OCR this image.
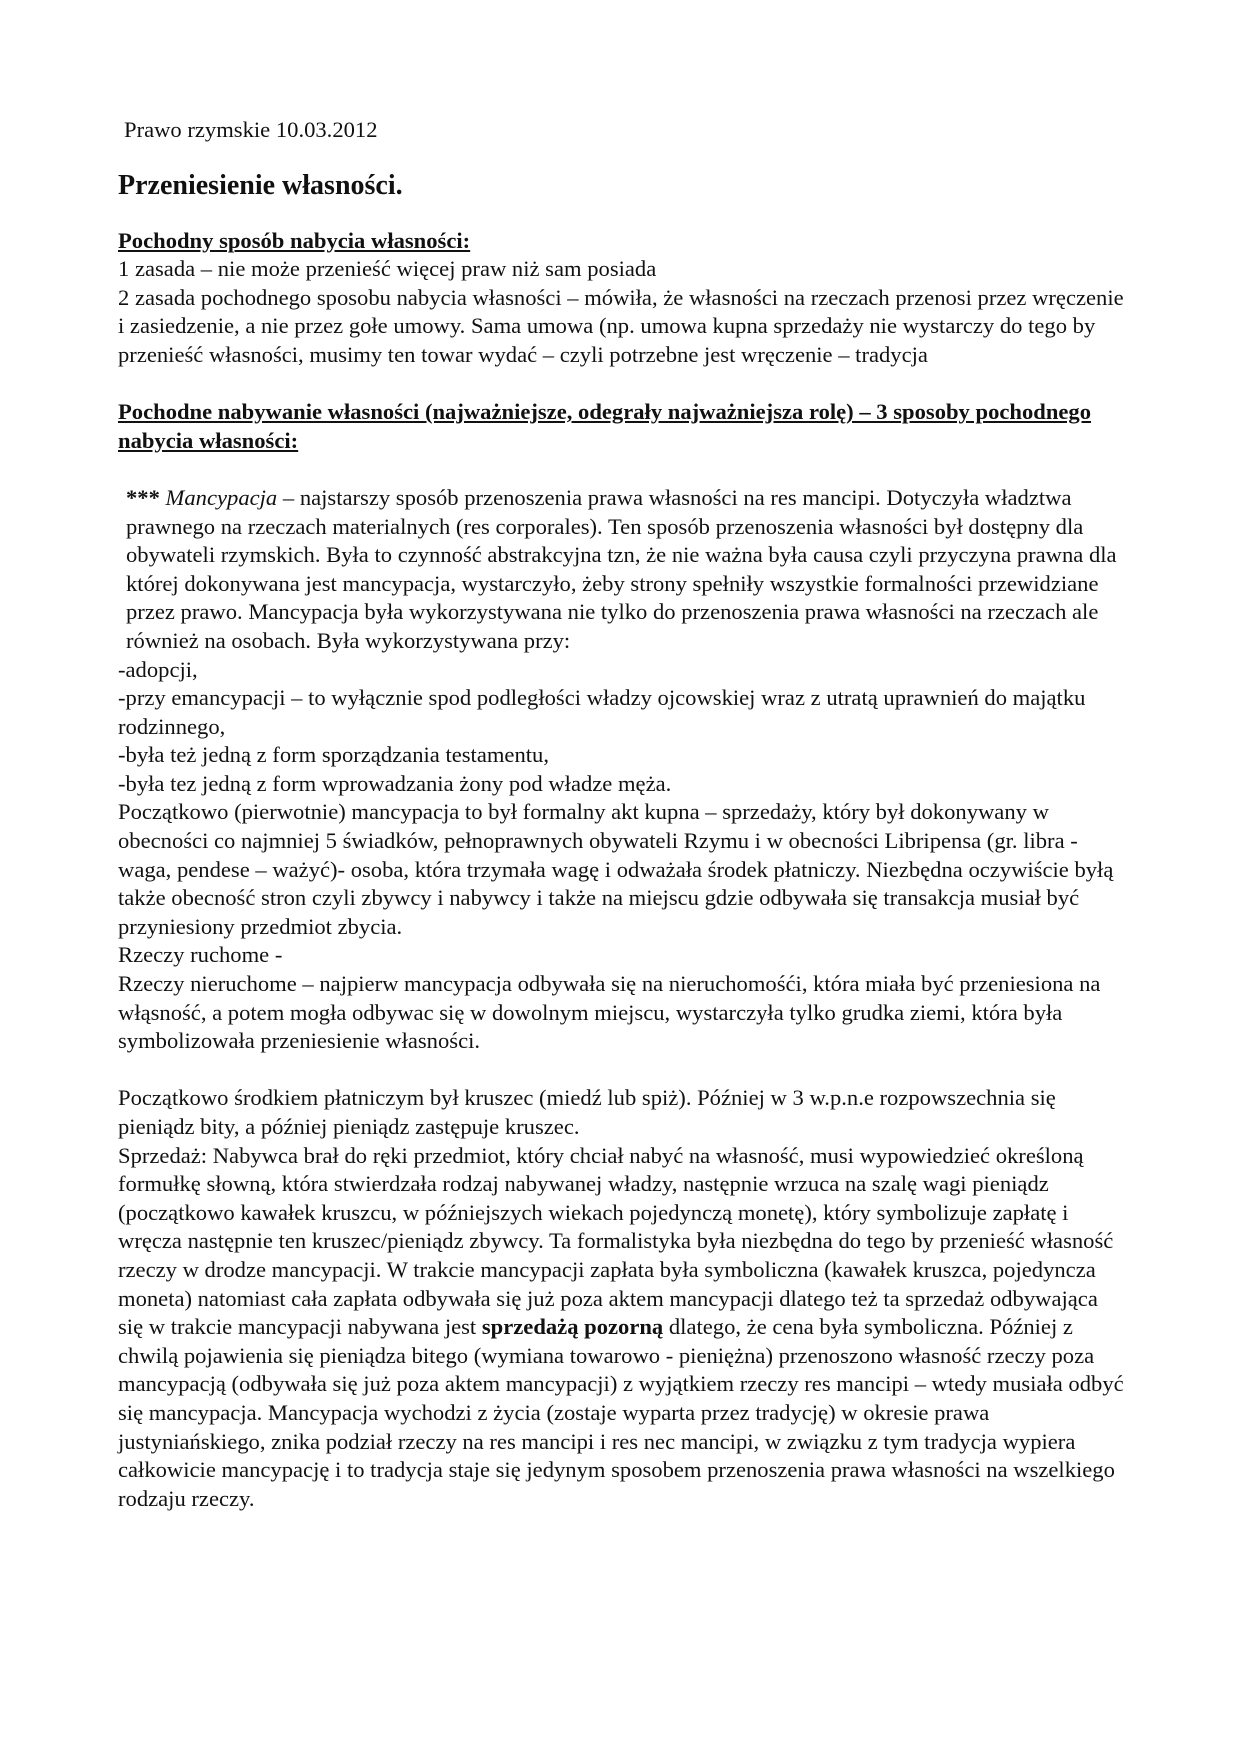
Prawo rzymskie 10.03.2012

Przeniesienie własności.

Pochodny sposób nabycia własności:

1 zasada – nie może przenieść więcej praw niż sam posiada

2 zasada pochodnego sposobu nabycia własności – mówiła, że własności na rzeczach przenosi przez wręczenie i zasiedzenie, a nie przez gołe umowy. Sama umowa (np. umowa kupna sprzedaży nie wystarczy do tego by przenieść własności, musimy ten towar wydać – czyli potrzebne jest wręczenie – tradycja

Pochodne nabywanie własności (najważniejsze, odegrały najważniejsza rolę) – 3 sposoby pochodnego nabycia własności:

*** Mancypacja – najstarszy sposób przenoszenia prawa własności na res mancipi. Dotyczyła władztwa prawnego na rzeczach materialnych (res corporales). Ten sposób przenoszenia własności był dostępny dla obywateli rzymskich. Była to czynność abstrakcyjna tzn, że nie ważna była causa czyli przyczyna prawna dla której dokonywana jest mancypacja, wystarczyło, żeby strony spełniły wszystkie formalności przewidziane przez prawo. Mancypacja była wykorzystywana nie tylko do przenoszenia prawa własności na rzeczach ale również na osobach. Była wykorzystywana przy:

-adopcji,

-przy emancypacji – to wyłącznie spod podległości władzy ojcowskiej wraz z utratą uprawnień do majątku rodzinnego,

-była też jedną z form sporządzania testamentu,

-była tez jedną z form wprowadzania żony pod władze męża.

Początkowo (pierwotnie) mancypacja to był formalny akt kupna – sprzedaży, który był dokonywany w obecności co najmniej 5 świadków, pełnoprawnych obywateli Rzymu i w obecności Libripensa (gr. libra - waga, pendese – ważyć)- osoba, która trzymała wagę i odważała środek płatniczy. Niezbędna oczywiście byłą także obecność stron czyli zbywcy i nabywcy i także na miejscu gdzie odbywała się transakcja musiał być przyniesiony przedmiot zbycia.

Rzeczy ruchome -

Rzeczy nieruchome – najpierw mancypacja odbywała się na nieruchomośći, która miała być przeniesiona na włąsność, a potem mogła odbywac się w dowolnym miejscu, wystarczyła tylko grudka ziemi, która była symbolizowała przeniesienie własności.

Początkowo środkiem płatniczym był kruszec (miedź lub spiż). Później w 3 w.p.n.e rozpowszechnia się pieniądz bity, a później pieniądz zastępuje kruszec.

Sprzedaż: Nabywca brał do ręki przedmiot, który chciał nabyć na własność, musi wypowiedzieć określoną formułkę słowną, która stwierdzała rodzaj nabywanej władzy, następnie wrzuca na szalę wagi pieniądz (początkowo kawałek kruszcu, w późniejszych wiekach pojedynczą monetę), który symbolizuje zapłatę i wręcza następnie ten kruszec/pieniądz zbywcy. Ta formalistyka była niezbędna do tego by przenieść własność rzeczy w drodze mancypacji. W trakcie mancypacji zapłata była symboliczna (kawałek kruszca, pojedyncza moneta) natomiast cała zapłata odbywała się już poza aktem mancypacji dlatego też ta sprzedaż odbywająca się w trakcie mancypacji nabywana jest sprzedażą pozorną dlatego, że cena była symboliczna. Później z chwilą pojawienia się pieniądza bitego (wymiana towarowo - pieniężna) przenoszono własność rzeczy poza mancypacją (odbywała się już poza aktem mancypacji) z wyjątkiem rzeczy res mancipi – wtedy musiała odbyć się mancypacja. Mancypacja wychodzi z życia (zostaje wyparta przez tradycję) w okresie prawa justyniańskiego, znika podział rzeczy na res mancipi i res nec mancipi, w związku z tym tradycja wypiera całkowicie mancypację i to tradycja staje się jedynym sposobem przenoszenia prawa własności na wszelkiego rodzaju rzeczy.
